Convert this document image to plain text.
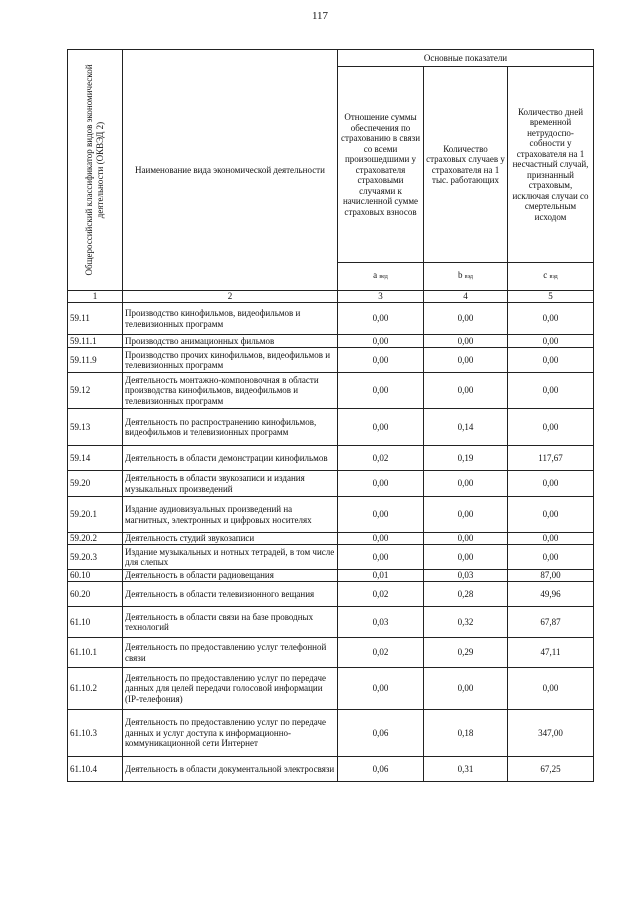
117
Общероссийский классификатор видов экономической деятельности (ОКВЭД 2)	Наименование вида экономической деятельности	Основные показатели		
		Отношение суммы обеспечения по страхованию в связи со всеми произошедшими у страхователя страховыми случаями к начисленной сумме страховых взносов	Количество страховых случаев у страхователя на 1 тыс. работающих	Количество дней временной нетрудоспо-собности у страхователя на 1 несчастный случай, признанный страховым, исключая случаи со смертельным исходом
		a вед	b вэд	c вэд
1	2	3	4	5
59.11	Производство кинофильмов, видеофильмов и телевизионных программ	0,00	0,00	0,00
59.11.1	Производство анимационных фильмов	0,00	0,00	0,00
59.11.9	Производство прочих кинофильмов, видеофильмов и телевизионных программ	0,00	0,00	0,00
59.12	Деятельность монтажно-компоновочная в области производства кинофильмов, видеофильмов и телевизионных программ	0,00	0,00	0,00
59.13	Деятельность по распространению кинофильмов, видеофильмов и телевизионных программ	0,00	0,14	0,00
59.14	Деятельность в области демонстрации кинофильмов	0,02	0,19	117,67
59.20	Деятельность в области звукозаписи и издания музыкальных произведений	0,00	0,00	0,00
59.20.1	Издание аудиовизуальных произведений на магнитных, электронных и цифровых носителях	0,00	0,00	0,00
59.20.2	Деятельность студий звукозаписи	0,00	0,00	0,00
59.20.3	Издание музыкальных и нотных тетрадей, в том числе для слепых	0,00	0,00	0,00
60.10	Деятельность в области радиовещания	0,01	0,03	87,00
60.20	Деятельность в области телевизионного вещания	0,02	0,28	49,96
61.10	Деятельность в области связи на базе проводных технологий	0,03	0,32	67,87
61.10.1	Деятельность по предоставлению услуг телефонной связи	0,02	0,29	47,11
61.10.2	Деятельность по предоставлению услуг по передаче данных для целей передачи голосовой информации (IP-телефония)	0,00	0,00	0,00
61.10.3	Деятельность по предоставлению услуг по передаче данных и услуг доступа к информационно-коммуникационной сети Интернет	0,06	0,18	347,00
61.10.4	Деятельность в области документальной электросвязи	0,06	0,31	67,25
